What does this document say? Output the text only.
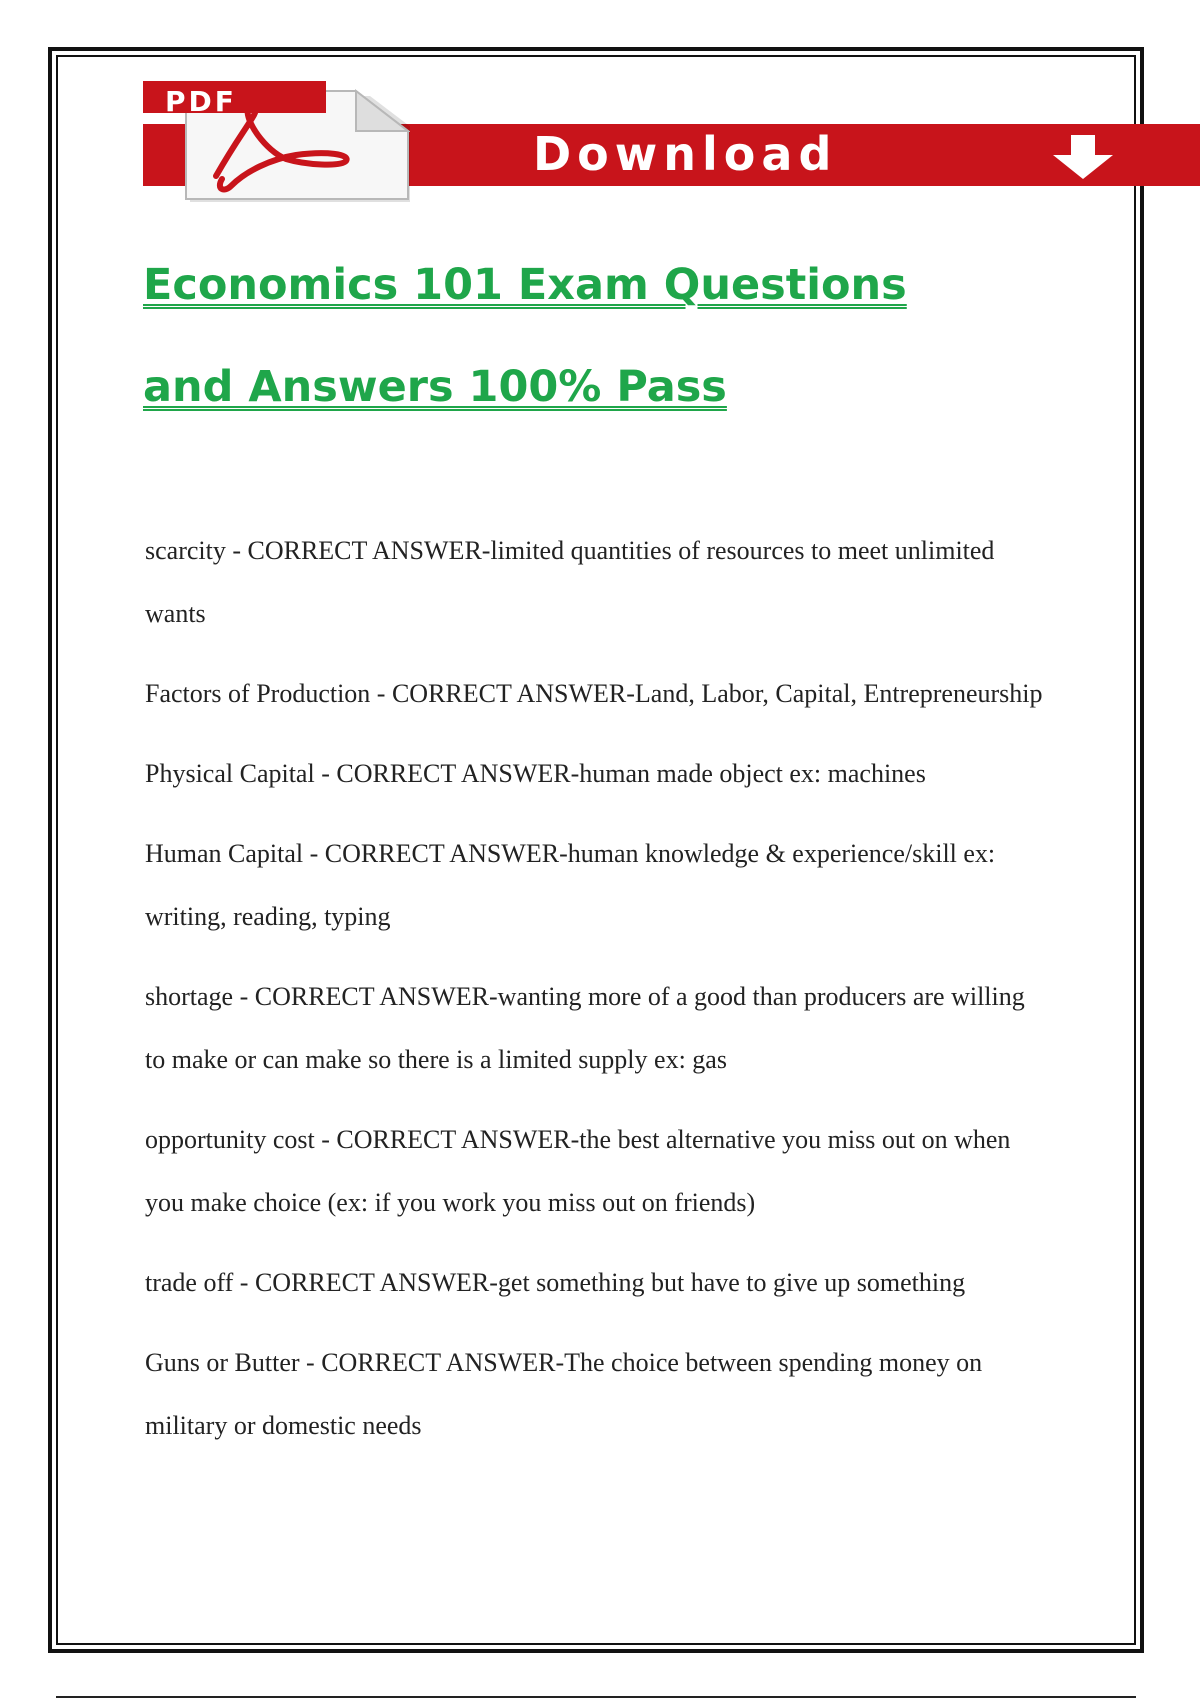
Download
PDF
Economics 101 Exam Questions
and Answers 100% Pass
scarcity - CORRECT ANSWER-limited quantities of resources to meet unlimited wants
Factors of Production - CORRECT ANSWER-Land, Labor, Capital, Entrepreneurship
Physical Capital - CORRECT ANSWER-human made object ex: machines
Human Capital - CORRECT ANSWER-human knowledge & experience/skill ex: writing, reading, typing
shortage - CORRECT ANSWER-wanting more of a good than producers are willing to make or can make so there is a limited supply ex: gas
opportunity cost - CORRECT ANSWER-the best alternative you miss out on when you make choice (ex: if you work you miss out on friends)
trade off - CORRECT ANSWER-get something but have to give up something
Guns or Butter - CORRECT ANSWER-The choice between spending money on military or domestic needs
